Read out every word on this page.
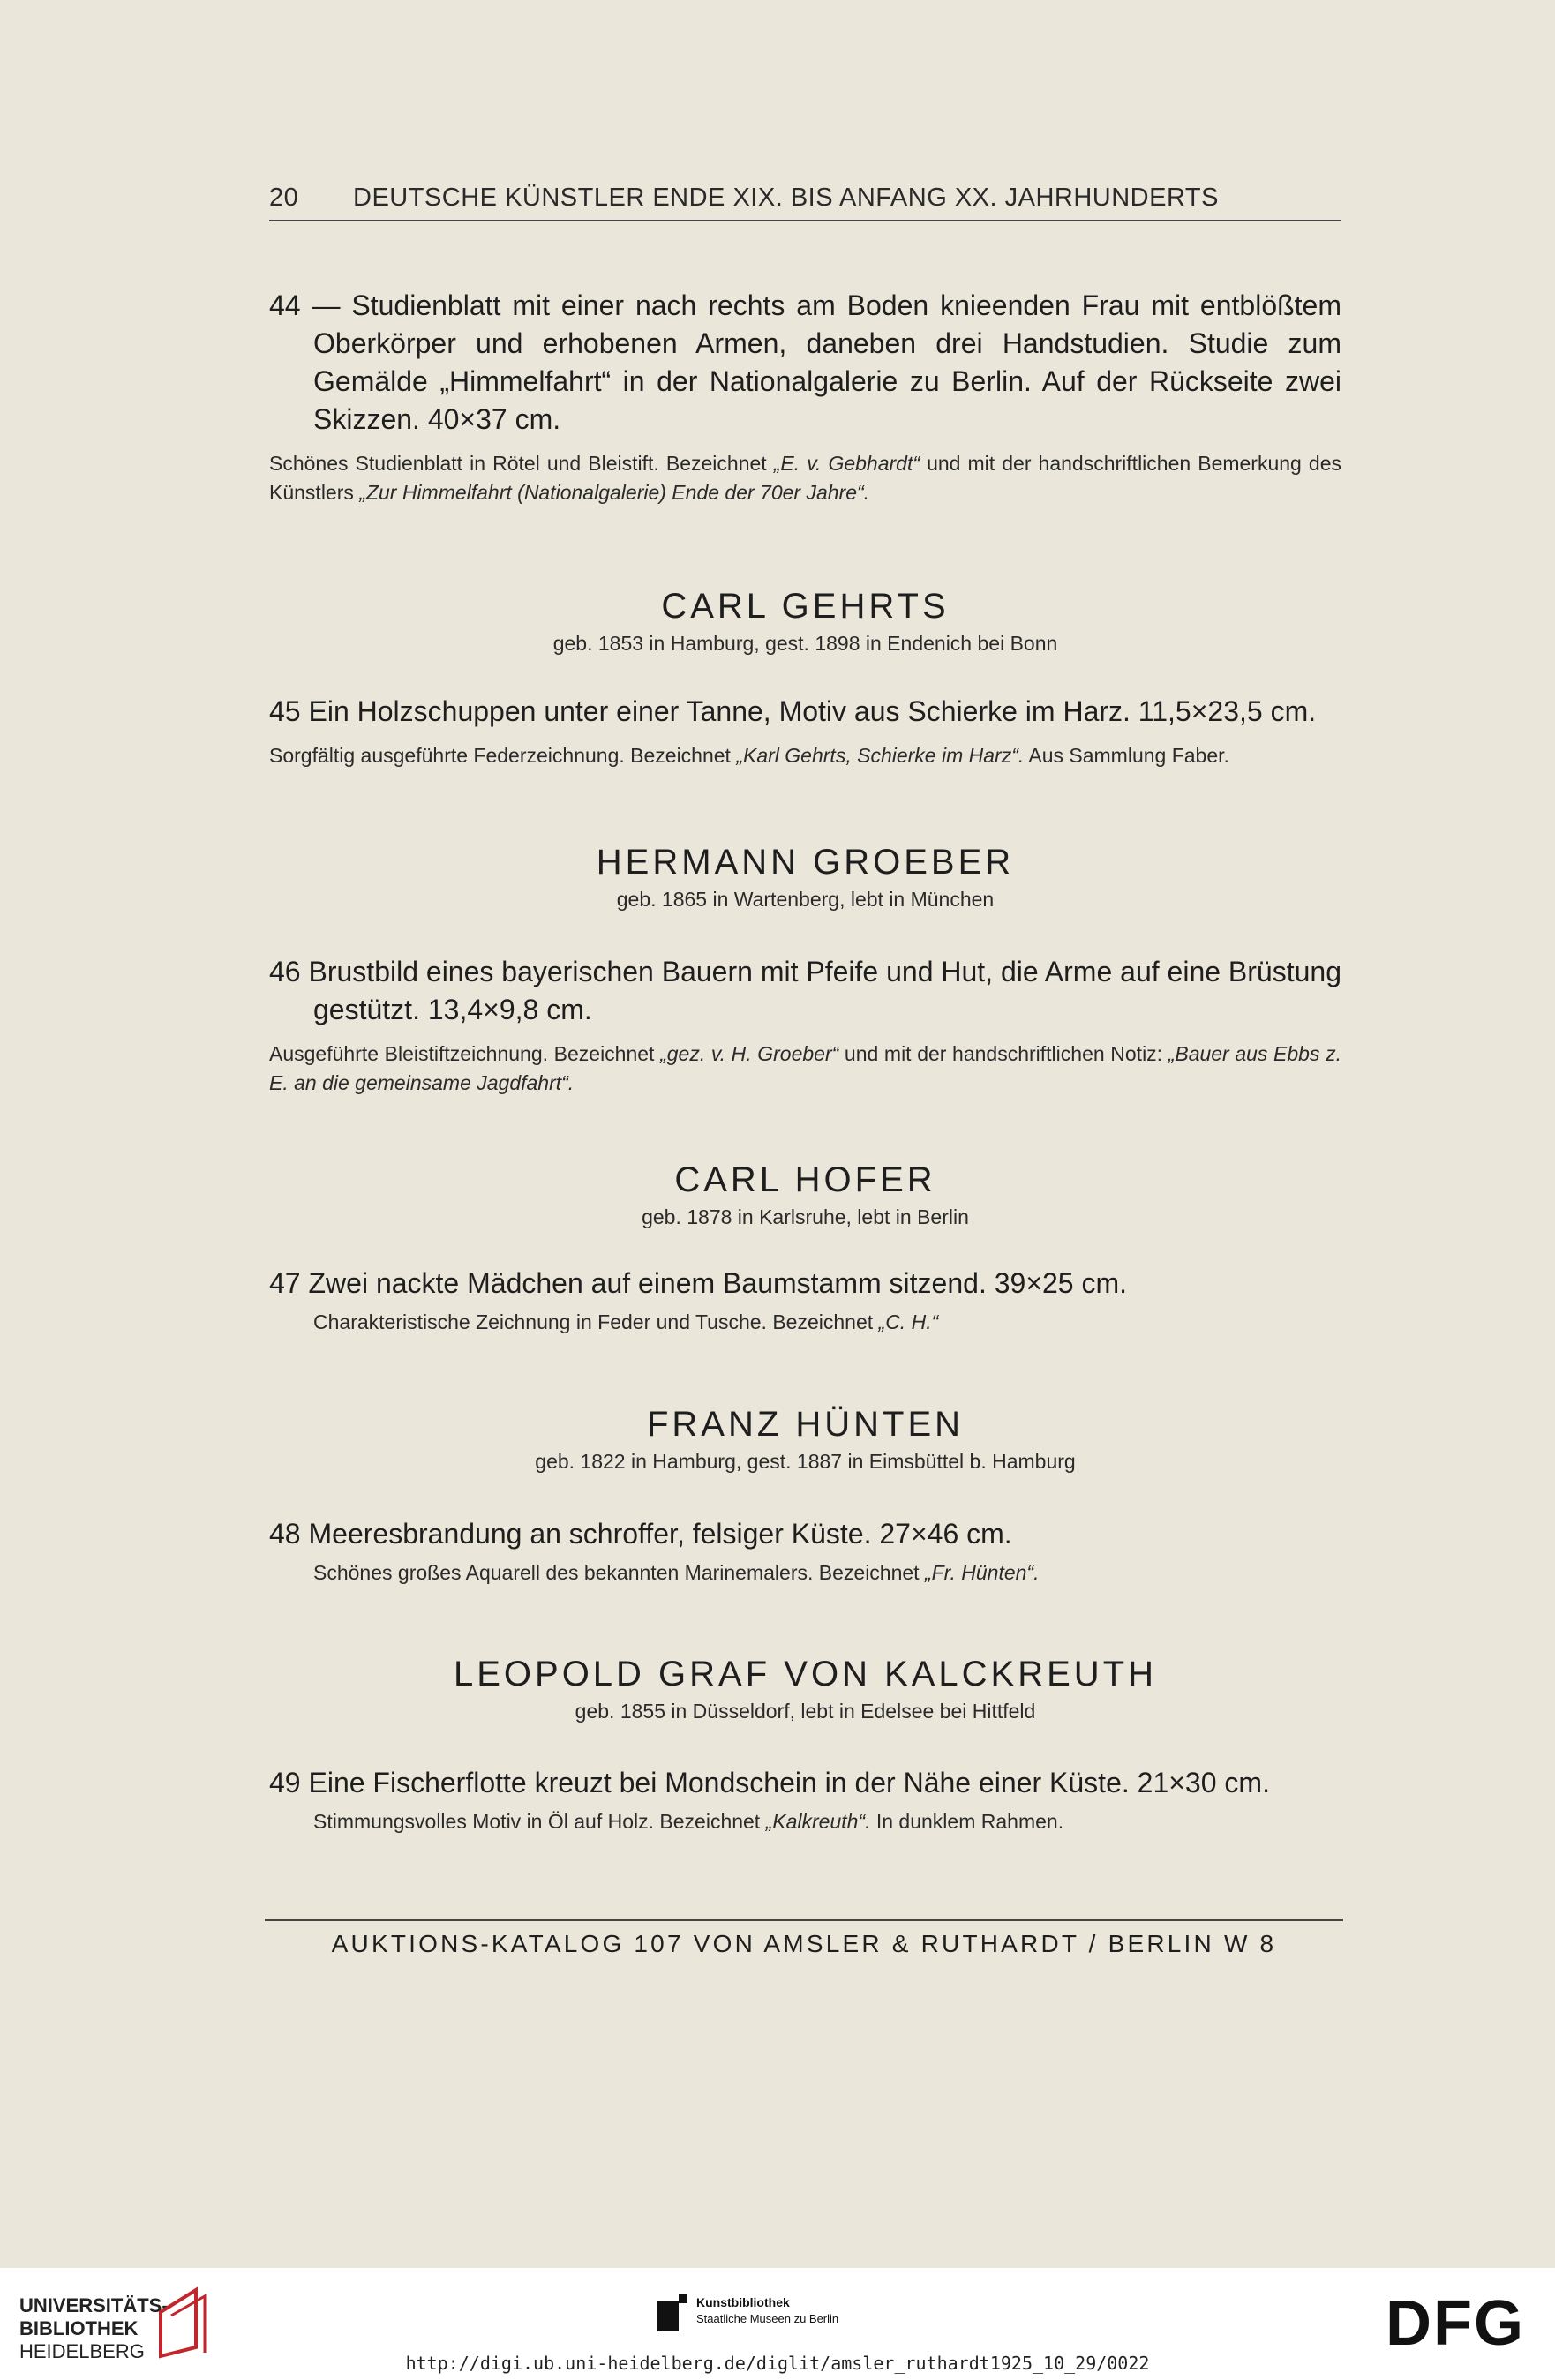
20	DEUTSCHE KÜNSTLER ENDE XIX. BIS ANFANG XX. JAHRHUNDERTS
44 — Studienblatt mit einer nach rechts am Boden knieenden Frau mit entblößtem Oberkörper und erhobenen Armen, daneben drei Handstudien. Studie zum Gemälde „Himmelfahrt“ in der Nationalgalerie zu Berlin. Auf der Rückseite zwei Skizzen. 40×37 cm.
Schönes Studienblatt in Rötel und Bleistift. Bezeichnet „E. v. Gebhardt“ und mit der handschriftlichen Bemerkung des Künstlers „Zur Himmelfahrt (Nationalgalerie) Ende der 70er Jahre“.
CARL GEHRTS
geb. 1853 in Hamburg, gest. 1898 in Endenich bei Bonn
45 Ein Holzschuppen unter einer Tanne, Motiv aus Schierke im Harz. 11,5×23,5 cm.
Sorgfältig ausgeführte Federzeichnung. Bezeichnet „Karl Gehrts, Schierke im Harz“. Aus Sammlung Faber.
HERMANN GROEBER
geb. 1865 in Wartenberg, lebt in München
46 Brustbild eines bayerischen Bauern mit Pfeife und Hut, die Arme auf eine Brüstung gestützt. 13,4×9,8 cm.
Ausgeführte Bleistiftzeichnung. Bezeichnet „gez. v. H. Groeber“ und mit der handschriftlichen Notiz: „Bauer aus Ebbs z. E. an die gemeinsame Jagdfahrt“.
CARL HOFER
geb. 1878 in Karlsruhe, lebt in Berlin
47 Zwei nackte Mädchen auf einem Baumstamm sitzend. 39×25 cm.
Charakteristische Zeichnung in Feder und Tusche. Bezeichnet „C. H.“
FRANZ HÜNTEN
geb. 1822 in Hamburg, gest. 1887 in Eimsbüttel b. Hamburg
48 Meeresbrandung an schroffer, felsiger Küste. 27×46 cm.
Schönes großes Aquarell des bekannten Marinemalers. Bezeichnet „Fr. Hünten“.
LEOPOLD GRAF VON KALCKREUTH
geb. 1855 in Düsseldorf, lebt in Edelsee bei Hittfeld
49 Eine Fischerflotte kreuzt bei Mondschein in der Nähe einer Küste. 21×30 cm.
Stimmungsvolles Motiv in Öl auf Holz. Bezeichnet „Kalkreuth“. In dunklem Rahmen.
AUKTIONS-KATALOG 107 VON AMSLER & RUTHARDT / BERLIN W 8
UNIVERSITÄTS-
BIBLIOTHEK
HEIDELBERG
Kunstbibliothek
Staatliche Museen zu Berlin	DFG
http://digi.ub.uni-heidelberg.de/diglit/amsler_ruthardt1925_10_29/0022
